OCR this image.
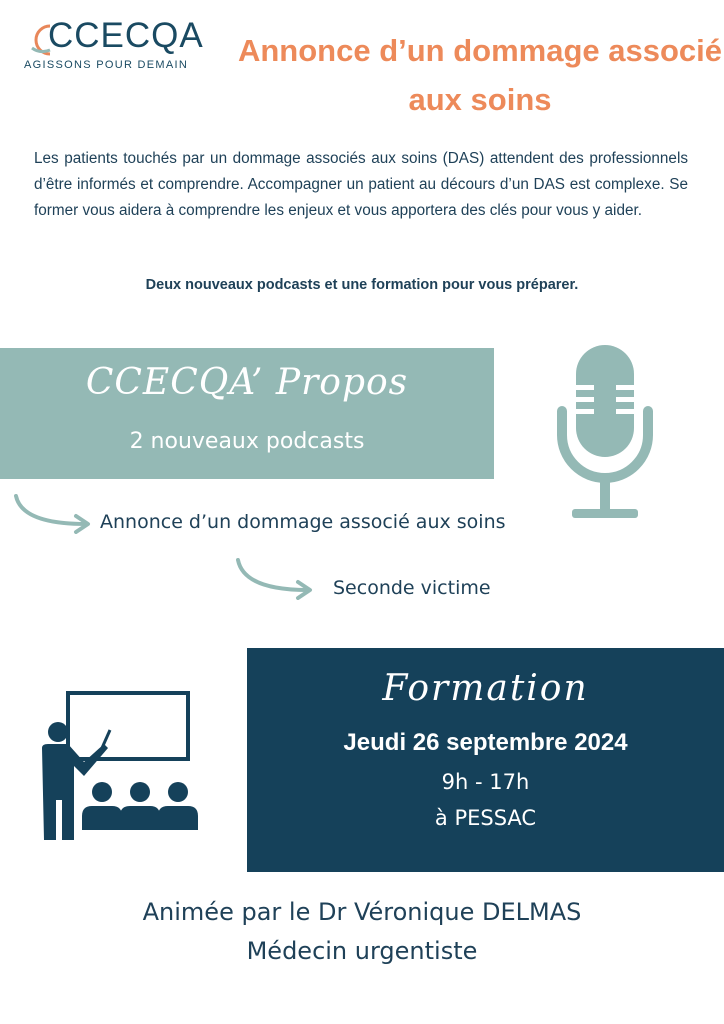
CCECQA
AGISSONS POUR DEMAIN Annonce d’un dommage associé aux soins
Les patients touchés par un dommage associés aux soins (DAS) attendent des professionnels d’être informés et comprendre. Accompagner un patient au décours d’un DAS est complexe. Se former vous aidera à comprendre les enjeux et vous apportera des clés pour vous y aider.
Deux nouveaux podcasts et une formation pour vous préparer.
CCECQA’ Propos
2 nouveaux podcasts
Annonce d’un dommage associé aux soins
Seconde victime
Formation
Jeudi 26 septembre 2024
9h - 17h
à PESSAC
Animée par le Dr Véronique DELMAS
Médecin urgentiste
